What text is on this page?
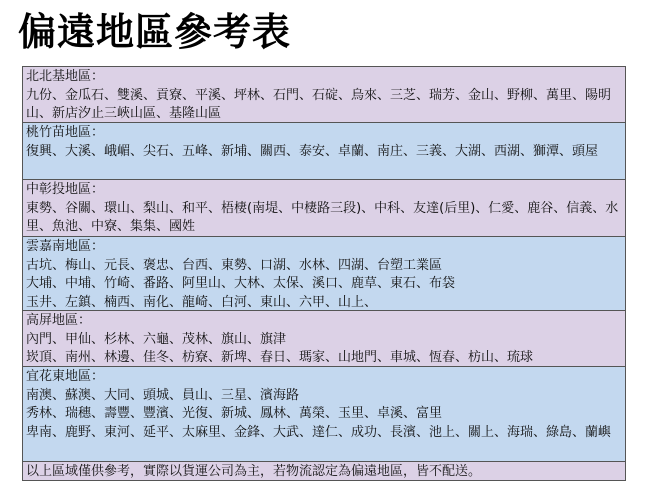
偏遠地區參考表
北北基地區：
九份、金瓜石、雙溪、貢寮、平溪、坪林、石門、石碇、烏來、三芝、瑞芳、金山、野柳、萬里、陽明山、新店汐止三峽山區、基隆山區
桃竹苗地區：
復興、大溪、峨嵋、尖石、五峰、新埔、關西、泰安、卓蘭、南庄、三義、大湖、西湖、獅潭、頭屋
中彰投地區：
東勢、谷關、環山、梨山、和平、梧棲(南堤、中棲路三段)、中科、友達(后里)、仁愛、鹿谷、信義、水里、魚池、中寮、集集、國姓
雲嘉南地區：
古坑、梅山、元長、褒忠、台西、東勢、口湖、水林、四湖、台塑工業區
大埔、中埔、竹崎、番路、阿里山、大林、太保、溪口、鹿草、東石、布袋
玉井、左鎮、楠西、南化、龍崎、白河、東山、六甲、山上、
高屏地區：
內門、甲仙、杉林、六龜、茂林、旗山、旗津
崁頂、南州、林邊、佳冬、枋寮、新埤、春日、瑪家、山地門、車城、恆春、枋山、琉球
宜花東地區：
南澳、蘇澳、大同、頭城、員山、三星、濱海路
秀林、瑞穗、壽豐、豐濱、光復、新城、鳳林、萬榮、玉里、卓溪、富里
卑南、鹿野、東河、延平、太麻里、金鋒、大武、達仁、成功、長濱、池上、關上、海瑞、綠島、蘭嶼
以上區域僅供參考，實際以貨運公司為主，若物流認定為偏遠地區，皆不配送。
